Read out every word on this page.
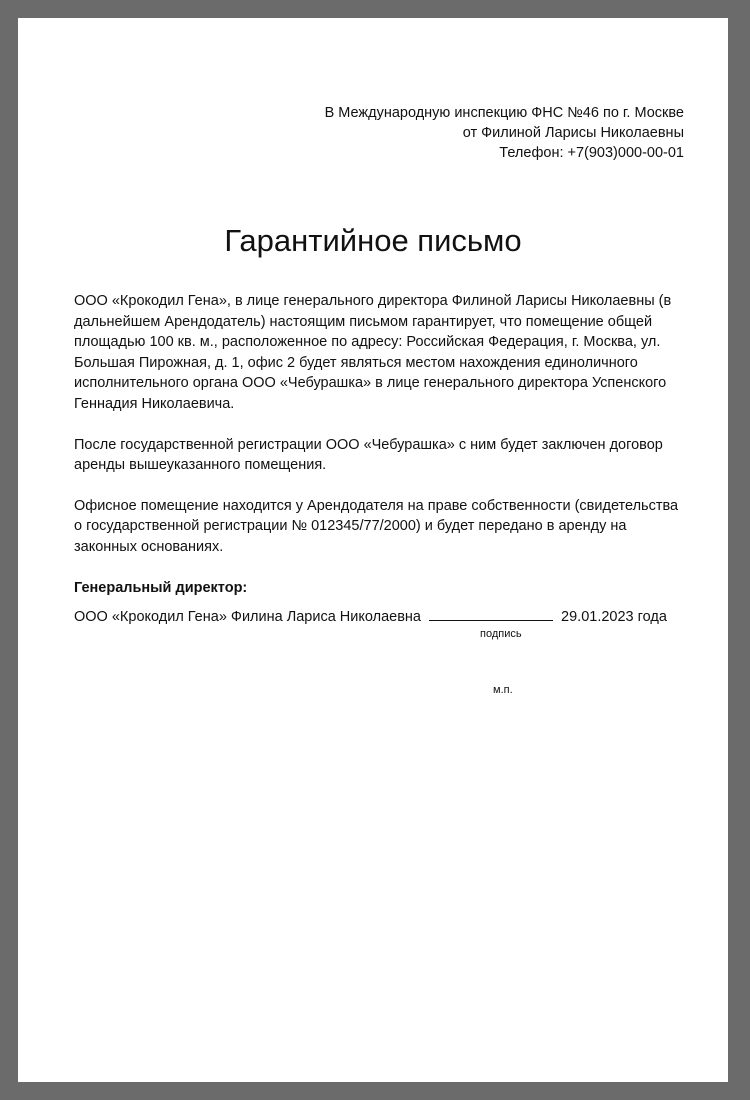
В Международную инспекцию ФНС №46 по г. Москве
от Филиной Ларисы Николаевны
Телефон: +7(903)000-00-01
Гарантийное письмо

ООО «Крокодил Гена», в лице генерального директора Филиной Ларисы Николаевны (в дальнейшем Арендодатель) настоящим письмом гарантирует, что помещение общей площадью 100 кв. м., расположенное по адресу: Российская Федерация, г. Москва, ул. Большая Пирожная, д. 1, офис 2 будет являться местом нахождения единоличного исполнительного органа ООО «Чебурашка» в лице генерального директора Успенского Геннадия Николаевича.

После государственной регистрации ООО «Чебурашка» с ним будет заключен договор аренды вышеуказанного помещения.

Офисное помещение находится у Арендодателя на праве собственности (свидетельства о государственной регистрации № 012345/77/2000) и будет передано в аренду на законных основаниях.

Генеральный директор:

ООО «Крокодил Гена» Филина Лариса Николаевна	29.01.2023 года
подпись
м.п.
